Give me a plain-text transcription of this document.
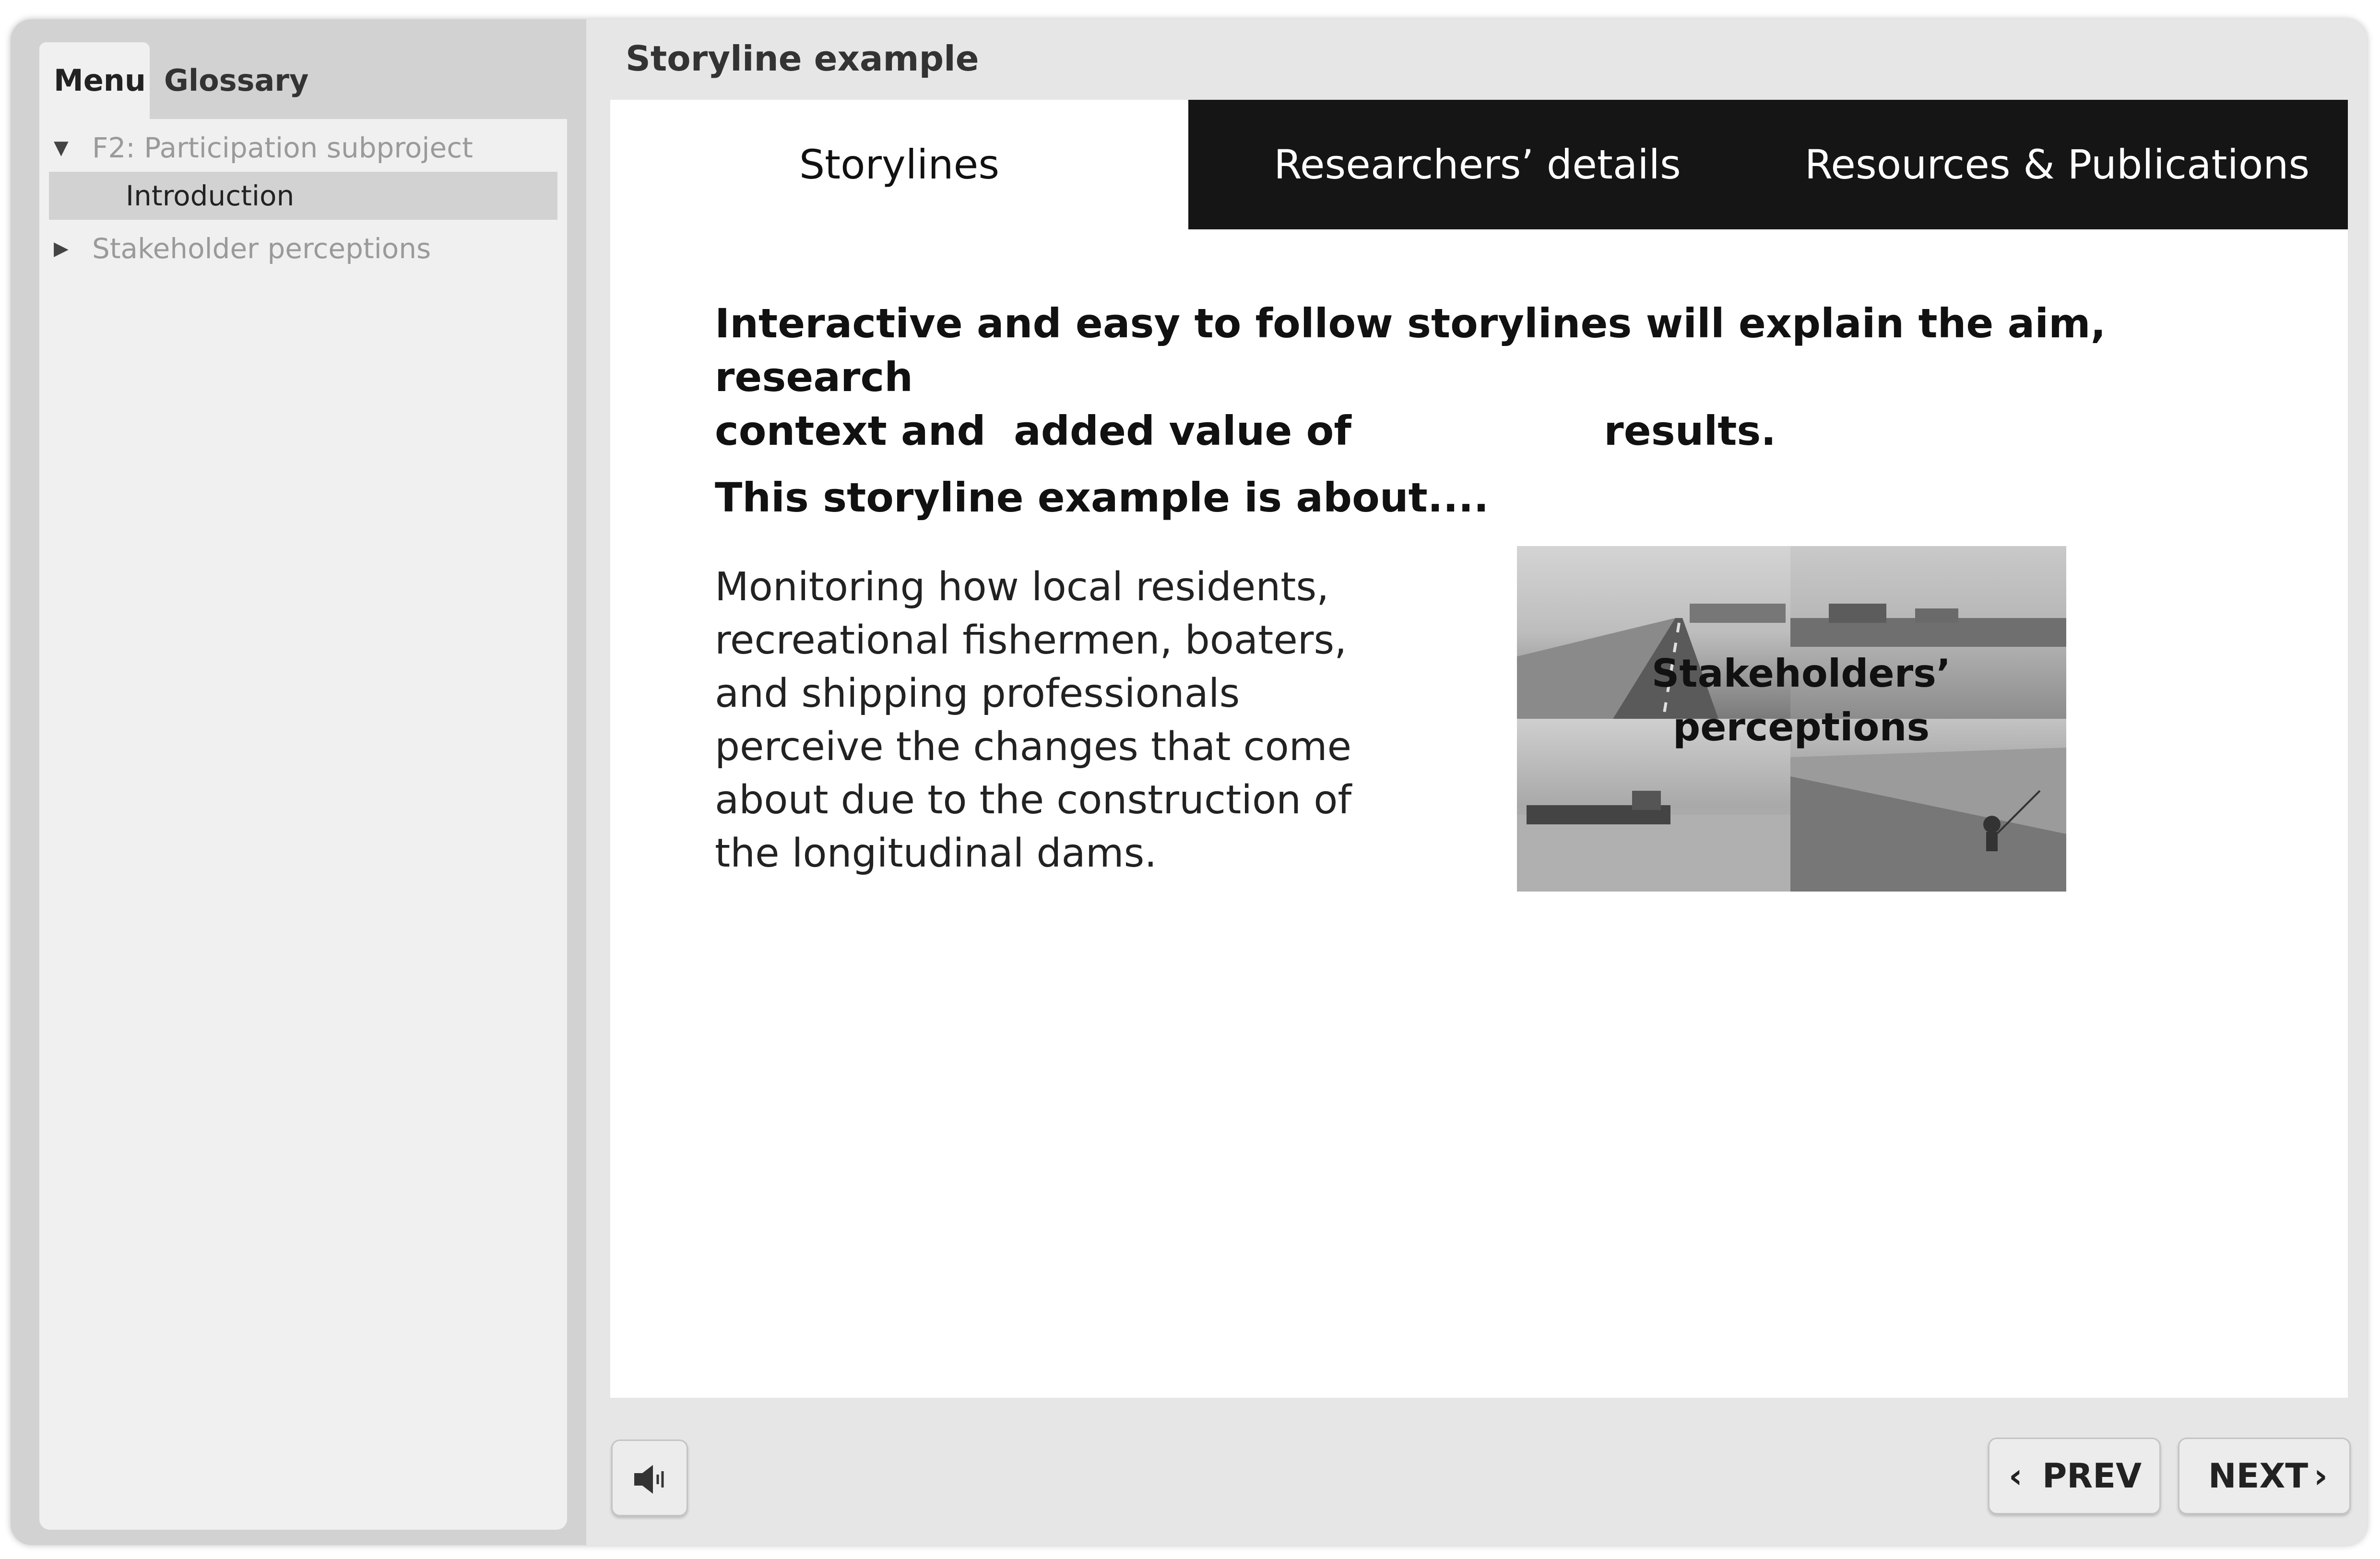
Menu Glossary
▼ F2: Participation subproject
Introduction
▶ Stakeholder perceptions
Storyline example
Storylines	Researchers’ details	Resources & Publications
Interactive and easy to follow storylines will explain the aim, research
context and  added value of                  results.
This storyline example is about....
Monitoring how local residents,
recreational fishermen, boaters,
and shipping professionals
perceive the changes that come
about due to the construction of
the longitudinal dams.
Stakeholders’
perceptions
‹ PREV NEXT ›
